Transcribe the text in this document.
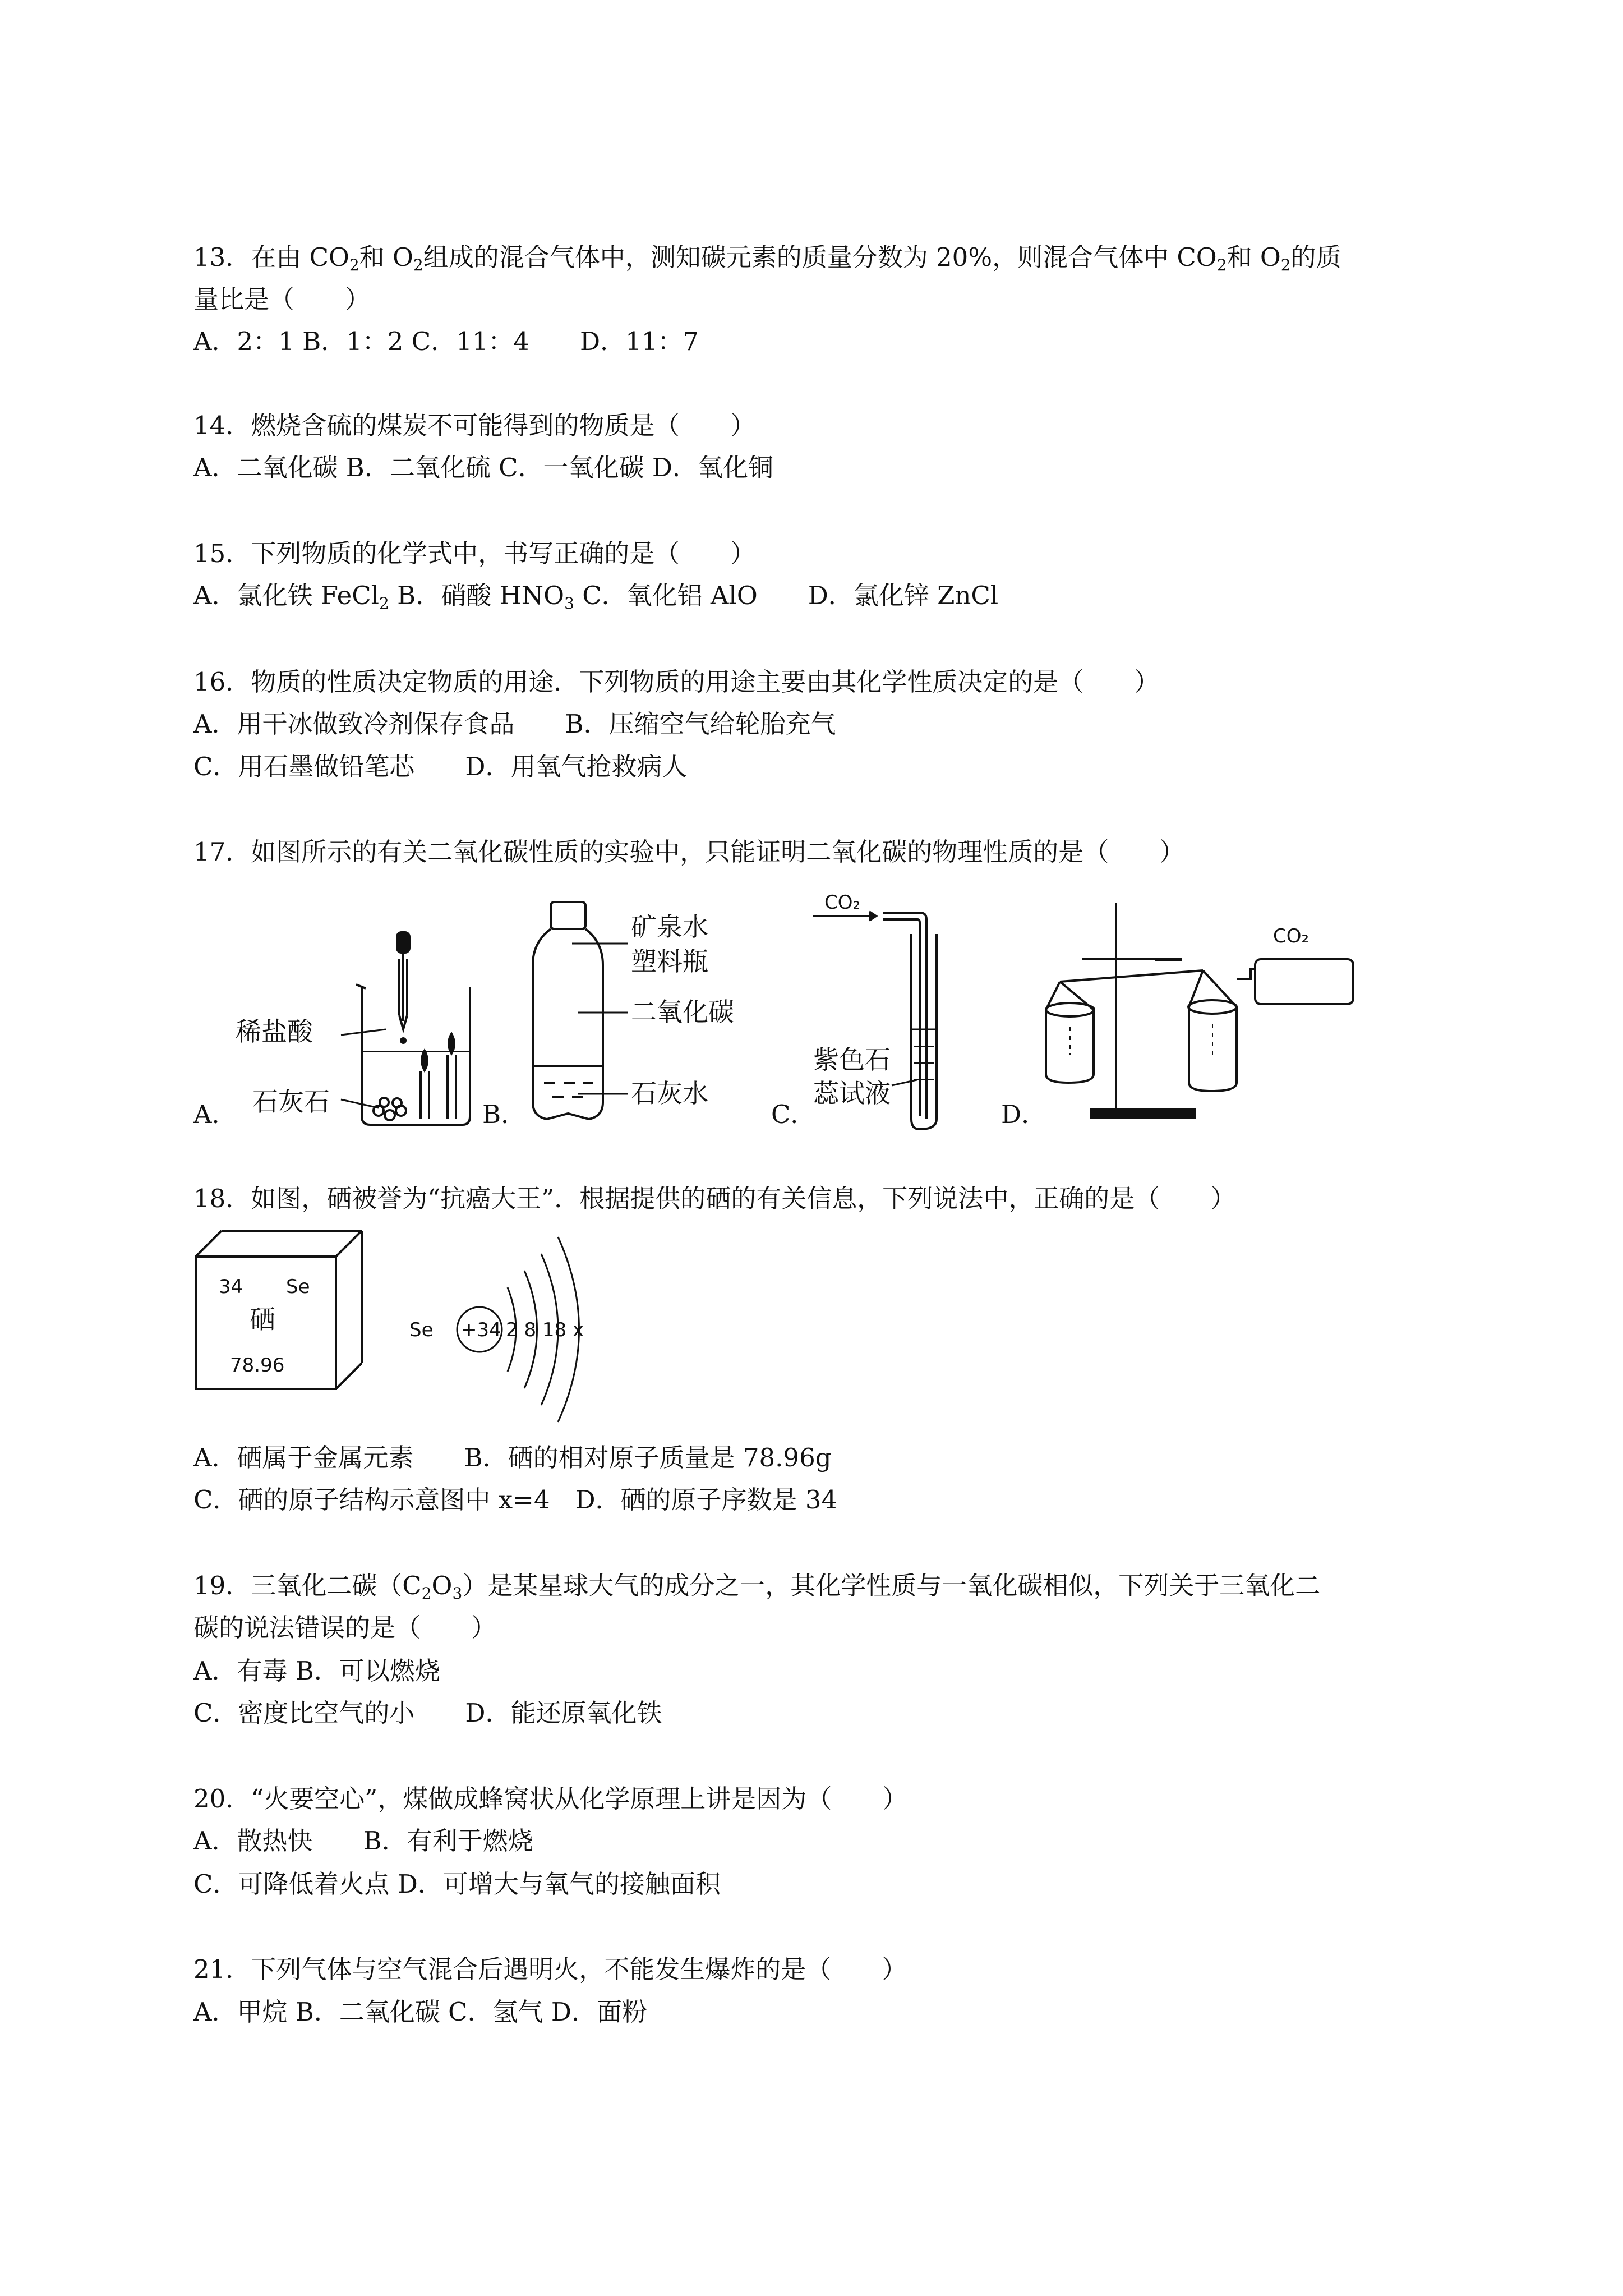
13．在由 $CO_2$和 $O_2$组成的混合气体中，测知碳元素的质量分数为 20%，则混合气体中 $CO_2$和 $O_2$的质
量比是（　　）
A．2：1 B．1：2 C．11：4　　D．11：7
14．燃烧含硫的煤炭不可能得到的物质是（　　）
A．二氧化碳 B．二氧化硫 C．一氧化碳 D．氧化铜
15．下列物质的化学式中，书写正确的是（　　）
A．氯化铁 FeCl$_2$ B．硝酸 $HNO_3$ C．氧化铝 AlO　　D．氯化锌 ZnCl
16．物质的性质决定物质的用途．下列物质的用途主要由其化学性质决定的是（　　）
A．用干冰做致冷剂保存食品　　B．压缩空气给轮胎充气
C．用石墨做铅笔芯　　D．用氧气抢救病人
17．如图所示的有关二氧化碳性质的实验中，只能证明二氧化碳的物理性质的是（　　）
A．	B．	C．	D．
稀盐酸
石灰石
矿泉水
塑料瓶
二氧化碳
石灰水
CO₂
紫色石
蕊试液
CO₂
18．如图，硒被誉为“抗癌大王”．根据提供的硒的有关信息，下列说法中，正确的是（　　）
34 Se
硒
78.96
Se +34 2 8 18 x
A．硒属于金属元素　　B．硒的相对原子质量是 78.96g
C．硒的原子结构示意图中 x=4　D．硒的原子序数是 34
19．三氧化二碳$(C_2O_3)$是某星球大气的成分之一，其化学性质与一氧化碳相似，下列关于三氧化二
碳的说法错误的是（　　）
A．有毒 B．可以燃烧
C．密度比空气的小　　D．能还原氧化铁
20．“火要空心”，煤做成蜂窝状从化学原理上讲是因为（　　）
A．散热快　　B．有利于燃烧
C．可降低着火点 D．可增大与氧气的接触面积
21．下列气体与空气混合后遇明火，不能发生爆炸的是（　　）
A．甲烷 B．二氧化碳 C．氢气 D．面粉
